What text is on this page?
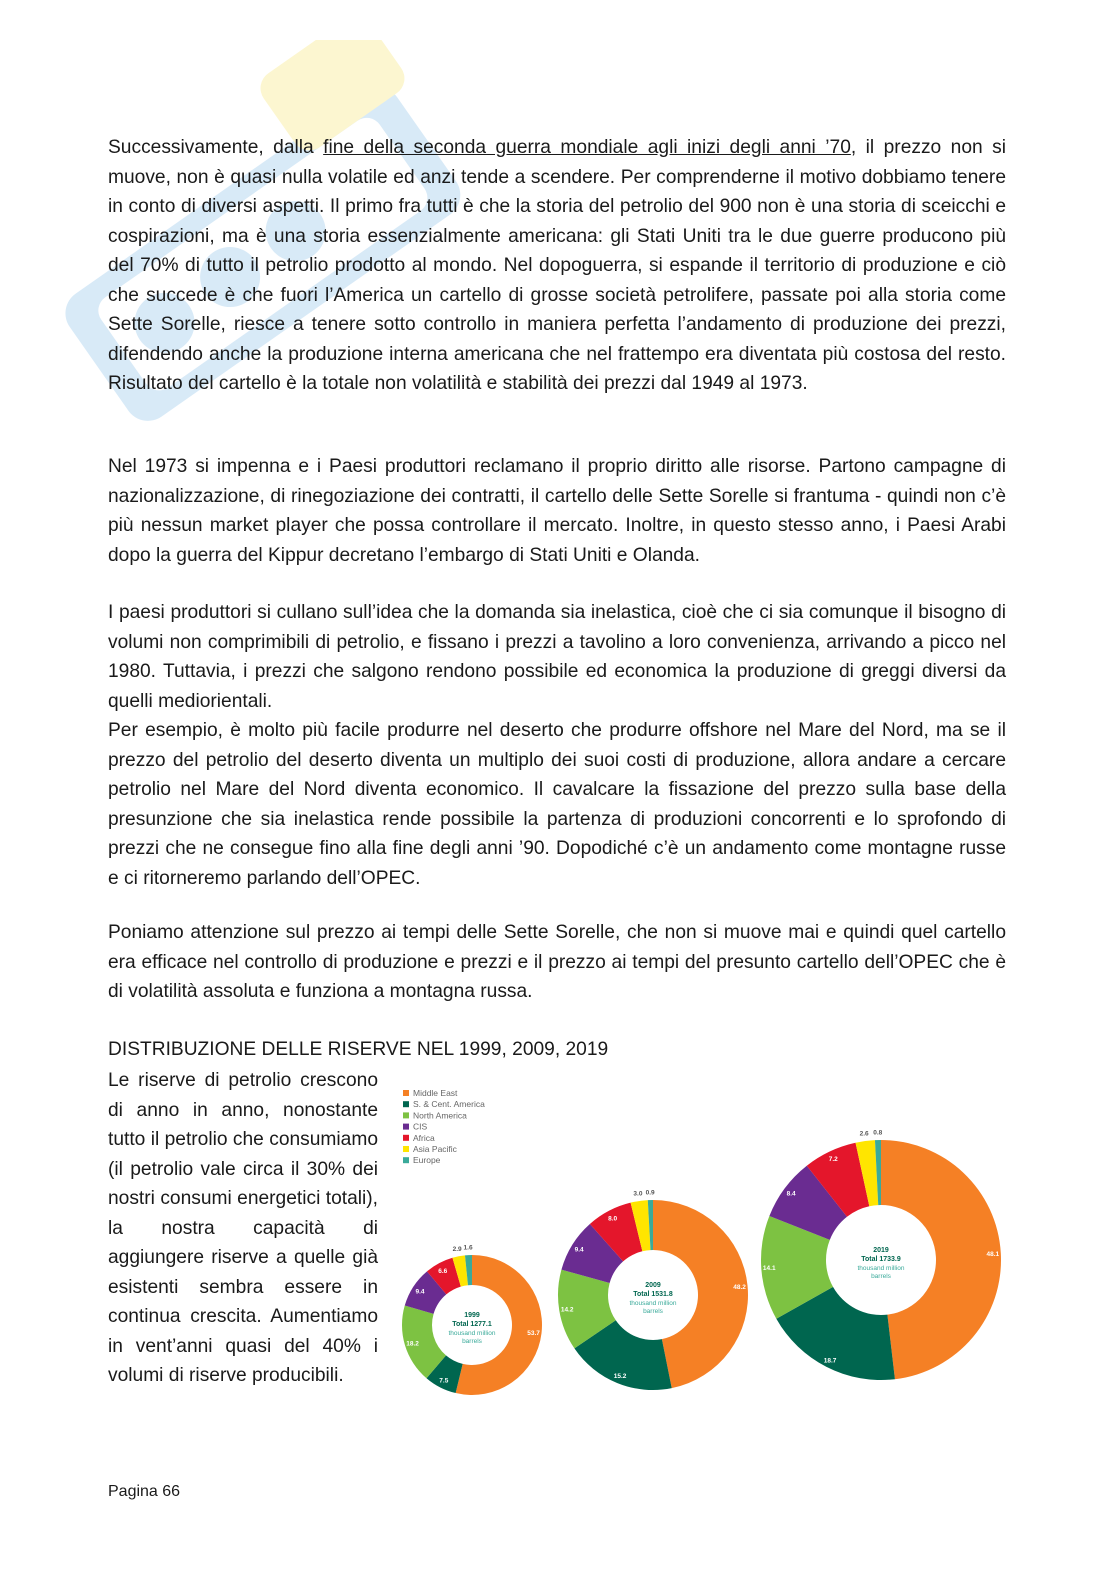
Successivamente, dalla fine della seconda guerra mondiale agli inizi degli anni ’70, il prezzo non si muove, non è quasi nulla volatile ed anzi tende a scendere. Per comprenderne il motivo dobbiamo tenere in conto di diversi aspetti. Il primo fra tutti è che la storia del petrolio del 900 non è una storia di sceicchi e cospirazioni, ma è una storia essenzialmente americana: gli Stati Uniti tra le due guerre producono più del 70% di tutto il petrolio prodotto al mondo. Nel dopoguerra, si espande il territorio di produzione e ciò che succede è che fuori l’America un cartello di grosse società petrolifere, passate poi alla storia come Sette Sorelle, riesce a tenere sotto controllo in maniera perfetta l’andamento di produzione dei prezzi, difendendo anche la produzione interna americana che nel frattempo era diventata più costosa del resto. Risultato del cartello è la totale non volatilità e stabilità dei prezzi dal 1949 al 1973.

Nel 1973 si impenna e i Paesi produttori reclamano il proprio diritto alle risorse. Partono campagne di nazionalizzazione, di rinegoziazione dei contratti, il cartello delle Sette Sorelle si frantuma - quindi non c’è più nessun market player che possa controllare il mercato. Inoltre, in questo stesso anno, i Paesi Arabi dopo la guerra del Kippur decretano l’embargo di Stati Uniti e Olanda.

I paesi produttori si cullano sull’idea che la domanda sia inelastica, cioè che ci sia comunque il bisogno di volumi non comprimibili di petrolio, e fissano i prezzi a tavolino a loro convenienza, arrivando a picco nel 1980. Tuttavia, i prezzi che salgono rendono possibile ed economica la produzione di greggi diversi da quelli mediorientali.

Per esempio, è molto più facile produrre nel deserto che produrre offshore nel Mare del Nord, ma se il prezzo del petrolio del deserto diventa un multiplo dei suoi costi di produzione, allora andare a cercare petrolio nel Mare del Nord diventa economico. Il cavalcare la fissazione del prezzo sulla base della presunzione che sia inelastica rende possibile la partenza di produzioni concorrenti e lo sprofondo di prezzi che ne consegue fino alla fine degli anni ’90. Dopodiché c’è un andamento come montagne russe e ci ritorneremo parlando dell’OPEC.

Poniamo attenzione sul prezzo ai tempi delle Sette Sorelle, che non si muove mai e quindi quel cartello era efficace nel controllo di produzione e prezzi e il prezzo ai tempi del presunto cartello dell’OPEC che è di volatilità assoluta e funziona a montagna russa.

DISTRIBUZIONE DELLE RISERVE NEL 1999, 2009, 2019

Le riserve di petrolio crescono di anno in anno, nonostante tutto il petrolio che consumiamo (il petrolio vale circa il 30% dei nostri consumi energetici totali), la nostra capacità di aggiungere riserve a quelle già esistenti sembra essere in continua crescita. Aumentiamo in vent’anni quasi del 40% i volumi di riserve producibili.

Middle East
S. & Cent. America
North America
CIS
Africa
Asia Pacific
Europe
53.7
7.5
18.2
9.4
6.6
2.9 1.6
1999
Total 1277.1
thousand million
barrels
48.2
15.2
14.2
9.4
8.0
3.0 0.9
2009
Total 1531.8
thousand million
barrels
48.1
18.7
14.1
8.4
7.2
2.6 0.8
2019
Total 1733.9
thousand million
barrels
Pagina 66
